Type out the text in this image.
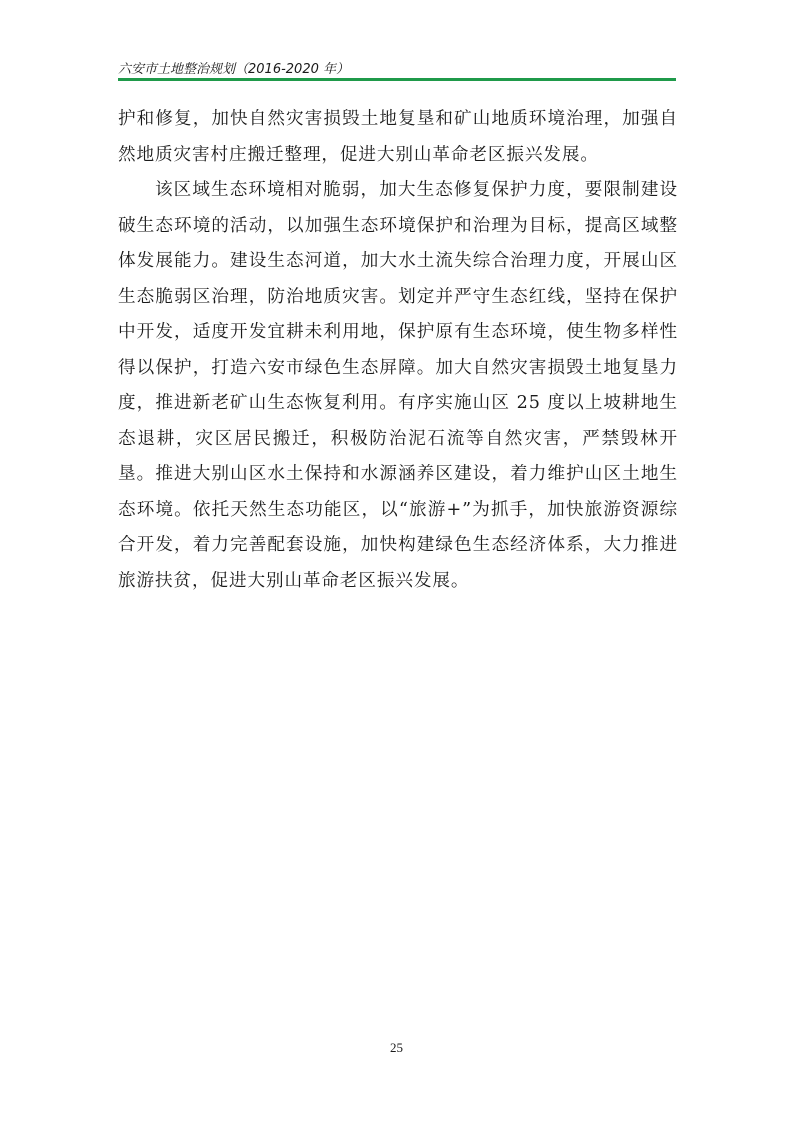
六安市土地整治规划（2016-2020 年）

护和修复，加快自然灾害损毁土地复垦和矿山地质环境治理，加强自然地质灾害村庄搬迁整理，促进大别山革命老区振兴发展。

该区域生态环境相对脆弱，加大生态修复保护力度，要限制建设破生态环境的活动，以加强生态环境保护和治理为目标，提高区域整体发展能力。建设生态河道，加大水土流失综合治理力度，开展山区生态脆弱区治理，防治地质灾害。划定并严守生态红线，坚持在保护中开发，适度开发宜耕未利用地，保护原有生态环境，使生物多样性得以保护，打造六安市绿色生态屏障。加大自然灾害损毁土地复垦力度，推进新老矿山生态恢复利用。有序实施山区 25 度以上坡耕地生态退耕，灾区居民搬迁，积极防治泥石流等自然灾害，严禁毁林开垦。推进大别山区水土保持和水源涵养区建设，着力维护山区土地生态环境。依托天然生态功能区，以“旅游+”为抓手，加快旅游资源综合开发，着力完善配套设施，加快构建绿色生态经济体系，大力推进旅游扶贫，促进大别山革命老区振兴发展。

25
